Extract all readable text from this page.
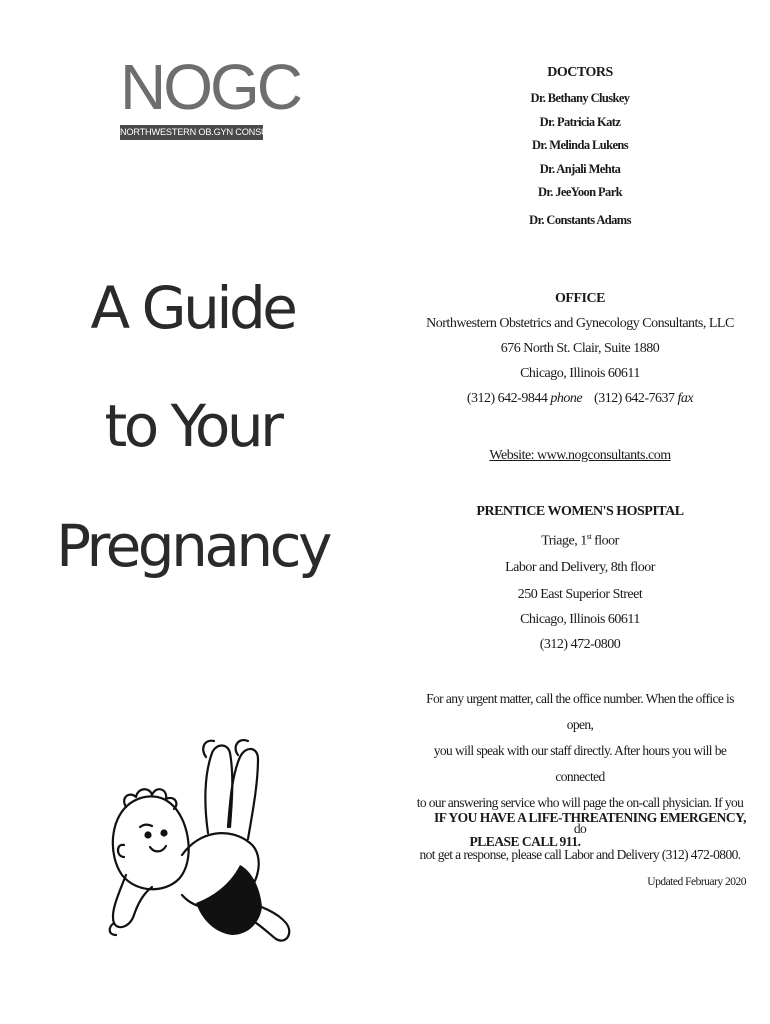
NOGC
NORTHWESTERN OB.GYN CONSULTANTS
A Guide
to Your
Pregnancy
DOCTORS
Dr. Bethany Cluskey
Dr. Patricia Katz
Dr. Melinda Lukens
Dr. Anjali Mehta
Dr. JeeYoon Park
Dr. Constants Adams
OFFICE
Northwestern Obstetrics and Gynecology Consultants, LLC
676 North St. Clair, Suite 1880
Chicago, Illinois 60611
(312) 642-9844 phone (312) 642-7637 fax
Website: www.nogconsultants.com
PRENTICE WOMEN'S HOSPITAL
Triage, 1st floor
Labor and Delivery, 8th floor
250 East Superior Street
Chicago, Illinois 60611
(312) 472-0800
For any urgent matter, call the office number. When the office is open,
you will speak with our staff directly. After hours you will be connected
to our answering service who will page the on-call physician. If you do
not get a response, please call Labor and Delivery (312) 472-0800.
IF YOU HAVE A LIFE-THREATENING EMERGENCY,
PLEASE CALL 911.
Updated February 2020
